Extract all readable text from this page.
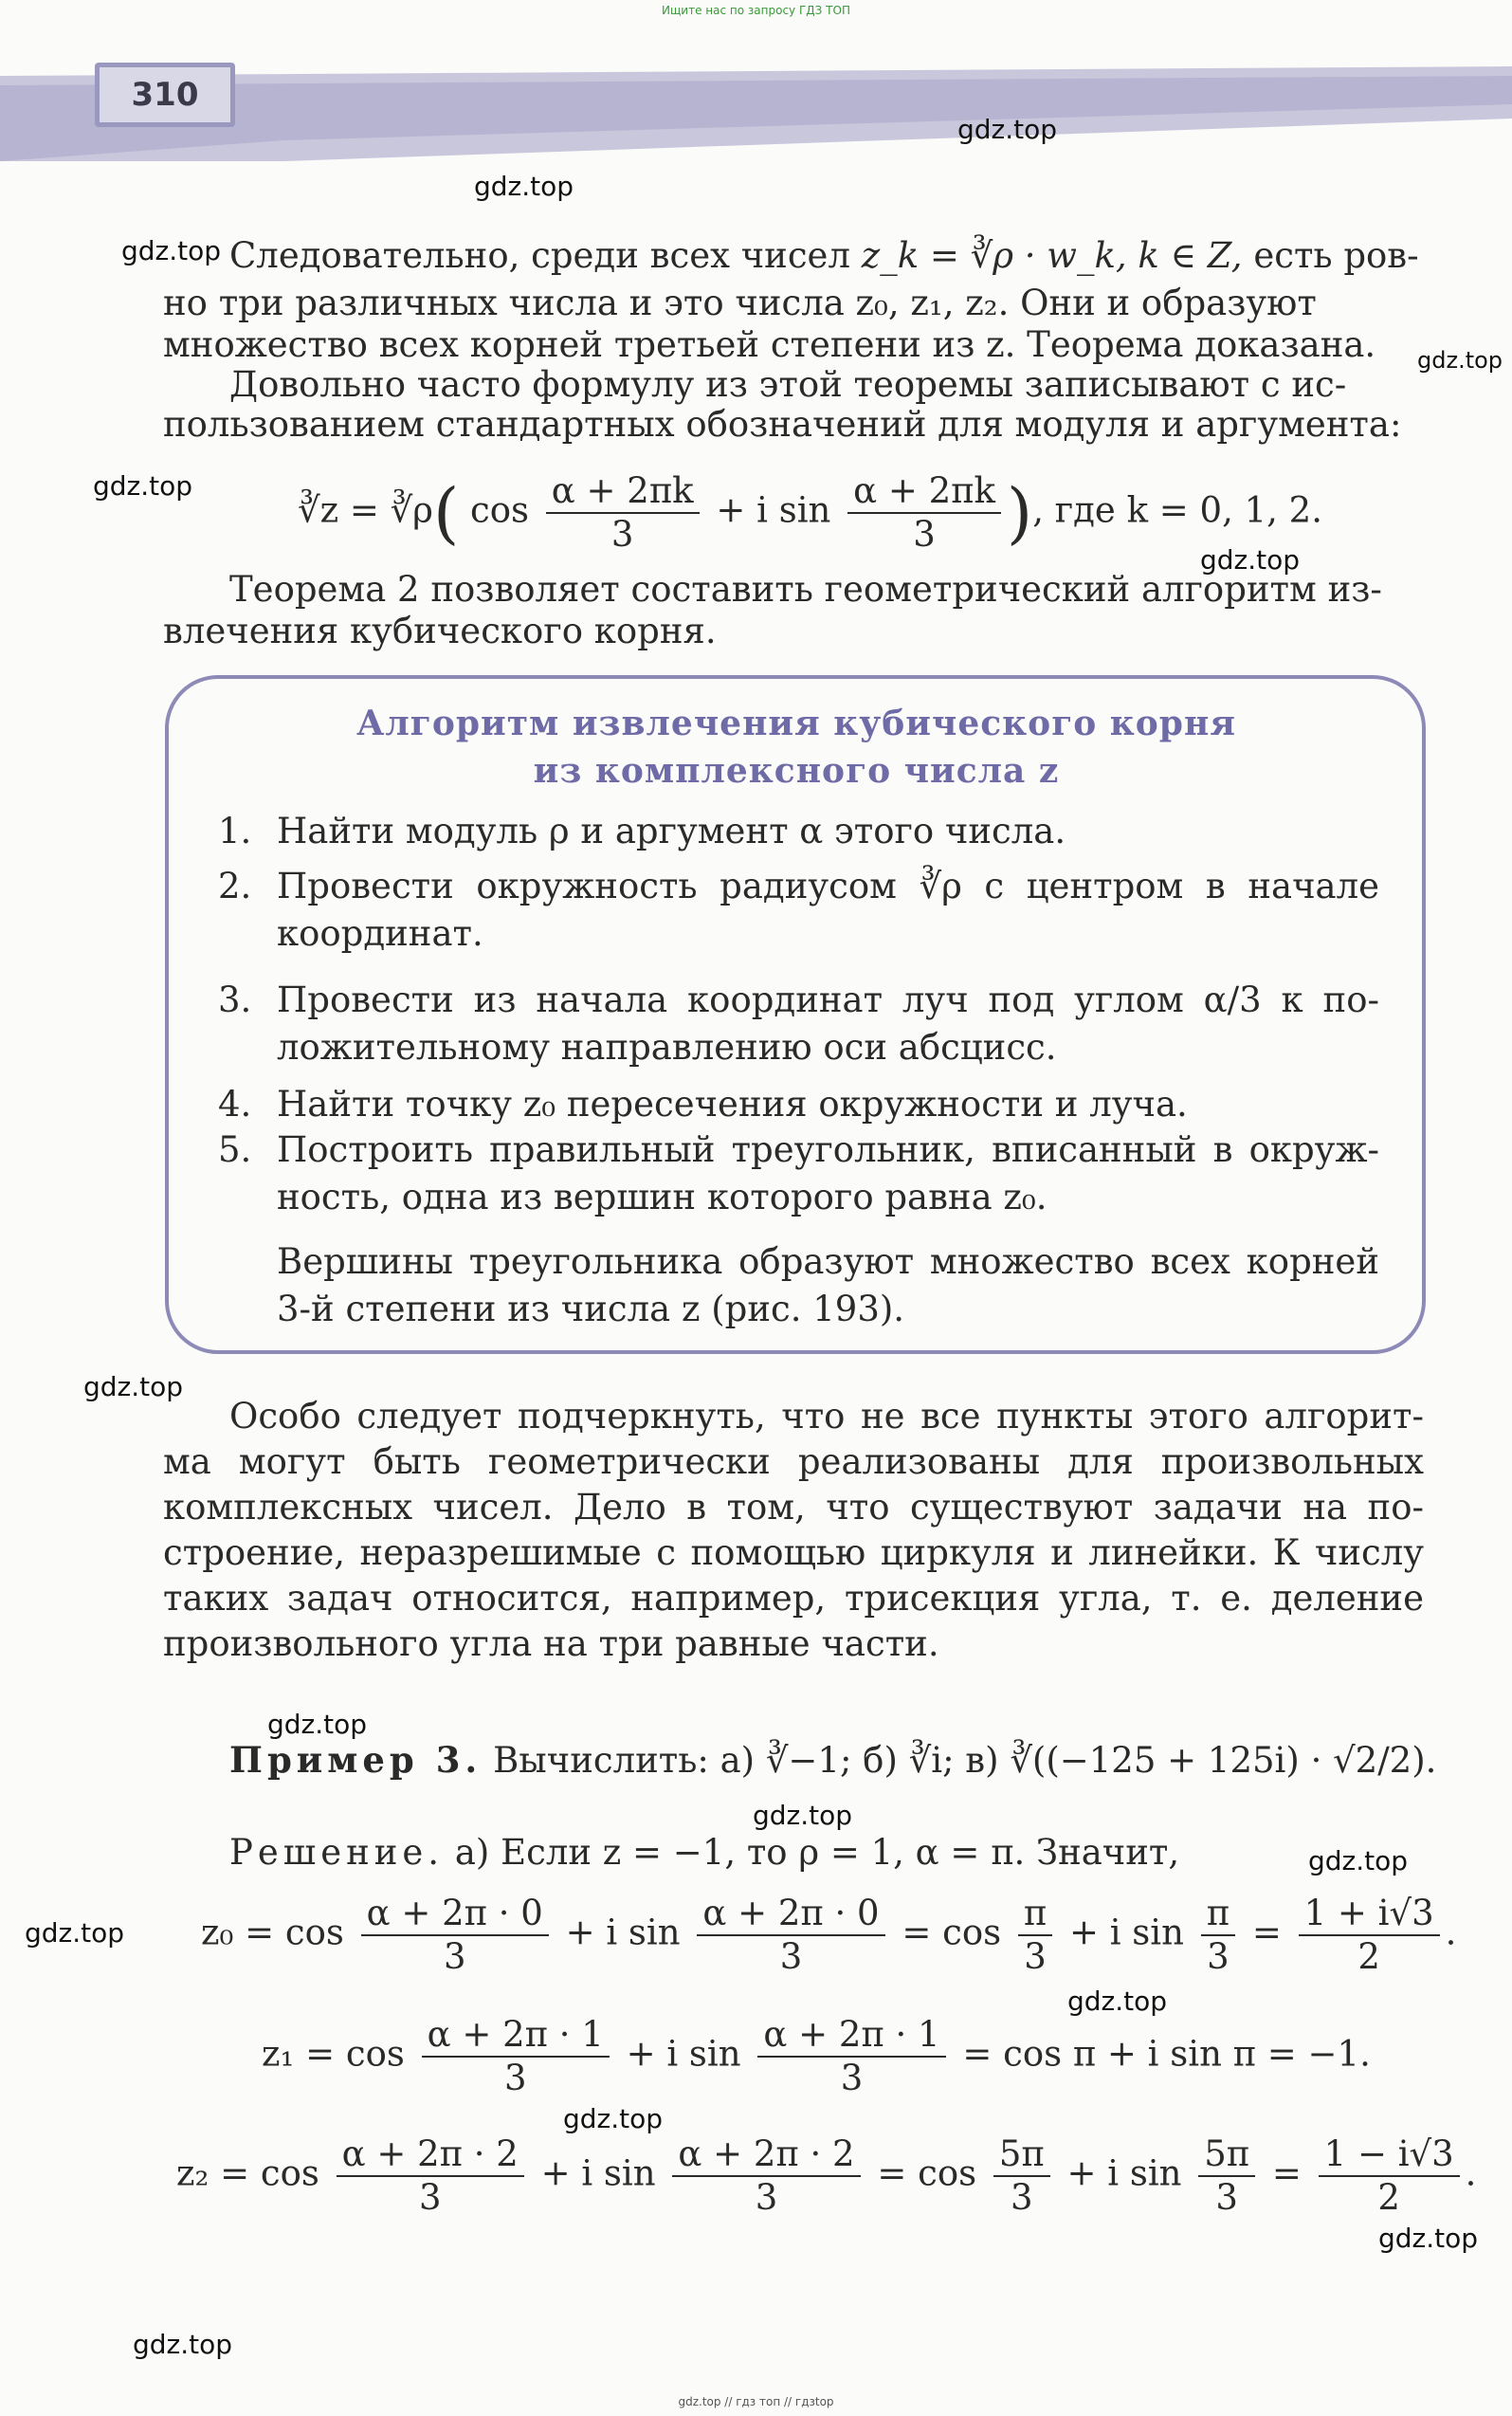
Ищите нас по запросу ГДЗ ТОП
gdz.top // гдз топ // гдзtop
310
gdz.top
gdz.top
gdz.top
gdz.top
gdz.top
gdz.top
gdz.top
gdz.top
gdz.top
gdz.top
gdz.top
gdz.top
gdz.top
gdz.top
gdz.top
Следовательно, среди всех чисел z_k = ∛ρ · w_k, k ∈ Z, есть ров-
но три различных числа и это числа z₀, z₁, z₂. Они и образуют
множество всех корней третьей степени из z. Теорема доказана.
Довольно часто формулу из этой теоремы записывают с ис-
пользованием стандартных обозначений для модуля и аргумента:
∛z = ∛ρ( $\cos \frac{\alpha + 2\pi k}{3} + i$ $\sin \frac{\alpha + 2\pi k}{3}$ ), где k = 0, 1, 2.
Теорема 2 позволяет составить геометрический алгоритм из-
влечения кубического корня.
Алгоритм извлечения кубического корня
из комплексного числа z
1. Найти модуль ρ и аргумент α этого числа.
2. Провести окружность радиусом ∛ρ с центром в начале координат.
3. Провести из начала координат луч под углом α/3 к положительному направлению оси абсцисс.
4. Найти точку z₀ пересечения окружности и луча.
5. Построить правильный треугольник, вписанный в окружность, одна из вершин которого равна z₀.
Вершины треугольника образуют множество всех корней 3-й степени из числа z (рис. 193).
Особо следует подчеркнуть, что не все пункты этого алгоритма могут быть геометрически реализованы для произвольных комплексных чисел. Дело в том, что существуют задачи на построение, неразрешимые с помощью циркуля и линейки. К числу таких задач относится, например, трисекция угла, т. е. деление произвольного угла на три равные части.
Пример 3. Вычислить: а) ∛−1; б) ∛i; в) ∛((−125 + 125i) · √2/2).
Решение. а) Если z = −1, то ρ = 1, α = π. Значит,
$z_0 = \cos \frac{\alpha + 2\pi \cdot 0}{3} + i$ $\sin \frac{\alpha + 2\pi \cdot 0}{3} = \cos \frac{\pi}{3} + i$ $\sin \frac{\pi}{3} = \frac{1 + i√3}{2}$ .
$z_1 = \cos \frac{\alpha + 2\pi \cdot 1}{3} + i$ $\sin \frac{\alpha + 2\pi \cdot 1}{3} = \cos \pi + i$ sin π = −1.
$z_2 = \cos \frac{\alpha + 2\pi \cdot 2}{3} + i$ $\sin \frac{\alpha + 2\pi \cdot 2}{3} = \cos \frac{5\pi}{3} + i$ $\sin \frac{5\pi}{3} = \frac{1 - i√3}{2}$ .
